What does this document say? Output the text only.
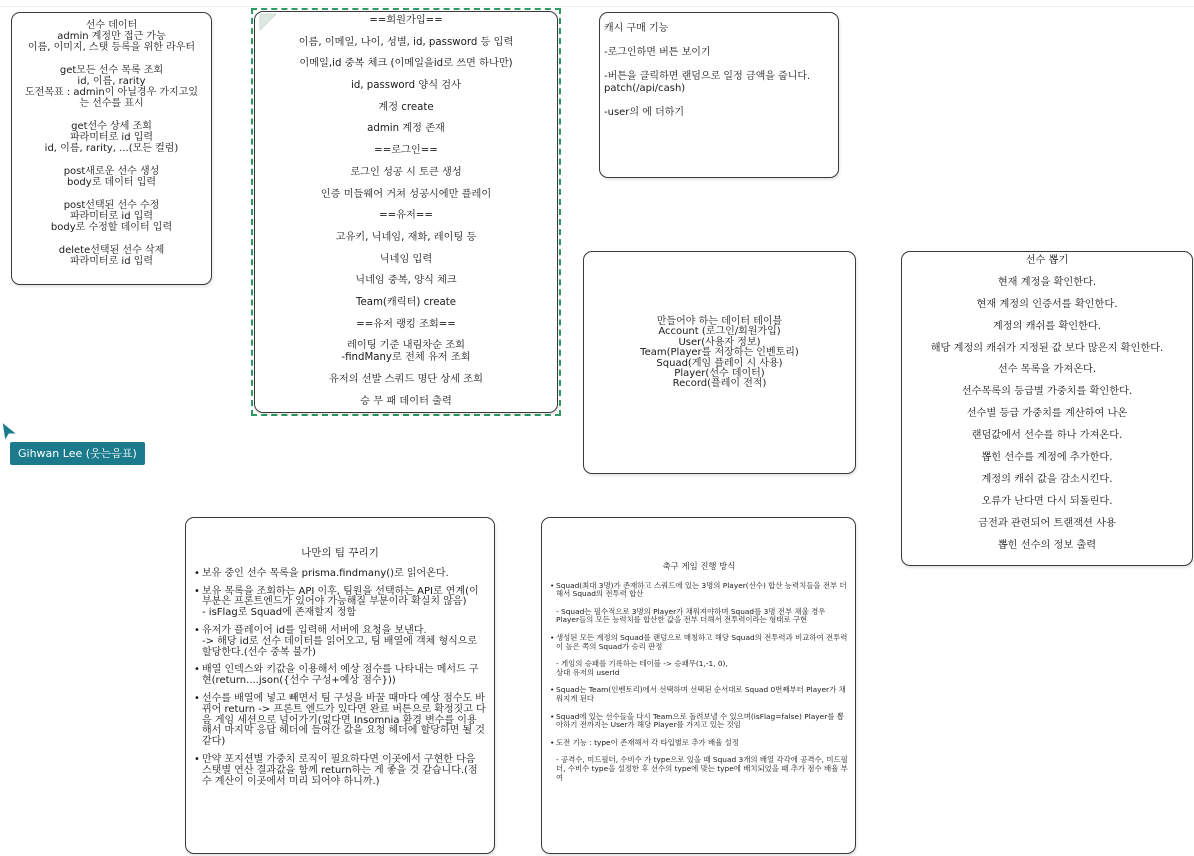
선수 데이터
admin 계정만 접근 가능
이름, 이미지, 스탯 등록을 위한 라우터
get모든 선수 목록 조회
id, 이름, rarity
도전목표 : admin이 아닐경우 가지고있
는 선수를 표시
get선수 상세 조회
파라미터로 id 입력
id, 이름, rarity, ...(모든 컬럼)
post새로운 선수 생성
body로 데이터 입력
post선택된 선수 수정
파라미터로 id 입력
body로 수정할 데이터 입력
delete선택된 선수 삭제
파라미터로 id 입력
==회원가입==
이름, 이메일, 나이, 성별, id, password 등 입력
이메일,id 중복 체크 (이메일을id로 쓰면 하나만)
id, password 양식 검사
계정 create
admin 계정 존재
==로그인==
로그인 성공 시 토큰 생성
인증 미들웨어 거쳐 성공시에만 플레이
==유저==
고유키, 닉네임, 재화, 레이팅 등
닉네임 입력
닉네임 중복, 양식 체크
Team(캐릭터) create
==유저 랭킹 조회==
레이팅 기준 내림차순 조회
-findMany로 전체 유저 조회
유저의 선발 스쿼드 명단 상세 조회
승 무 패 데이터 출력
캐시 구매 기능
-로그인하면 버튼 보이기
-버튼을 클릭하면 랜덤으로 일정 금액을 줍니다.
patch(/api/cash)
-user의 에 더하기
만들어야 하는 데이터 테이블
Account (로그인/회원가입)
User(사용자 정보)
Team(Player를 저장하는 인벤토리)
Squad(게임 플레이 시 사용)
Player(선수 데이터)
Record(플레이 전적)
선수 뽑기
현재 계정을 확인한다.
현재 계정의 인증서를 확인한다.
계정의 캐쉬를 확인한다.
해당 계정의 캐쉬가 지정된 값 보다 많은지 확인한다.
선수 목록을 가져온다.
선수목록의 등급별 가중치를 확인한다.
선수별 등급 가중치를 계산하여 나온
랜덤값에서 선수를 하나 가져온다.
뽑힌 선수를 계정에 추가한다.
계정의 캐쉬 값을 감소시킨다.
오류가 난다면 다시 되돌린다.
금전과 관련되어 트랜잭션 사용
뽑힌 선수의 정보 출력
나만의 팀 꾸리기
• 보유 중인 선수 목록을 prisma.findmany()로 읽어온다.
• 보유 목록을 조회하는 API 이후, 팀원을 선택하는 API로 연계(이 부분은 프론트엔드가 있어야 가능해질 부분이라 확실치 않음)
- isFlag로 Squad에 존재할지 정함
• 유저가 플레이어 id를 입력해 서버에 요청을 보낸다.
-> 해당 id로 선수 데이터를 읽어오고, 팀 배열에 객체 형식으로 할당한다.(선수 중복 불가)
• 배열 인덱스와 키값을 이용해서 예상 점수를 나타내는 메서드 구현(return....json({선수 구성+예상 점수}))
• 선수를 배열에 넣고 빼면서 팀 구성을 바꿀 때마다 예상 점수도 바뀌어 return -> 프론트 엔드가 있다면 완료 버튼으로 확정짓고 다음 게임 세션으로 넘어가기(없다면 Insomnia 환경 변수를 이용해서 마지막 응답 헤더에 들어간 값을 요청 헤더에 할당하면 될 것 같다)
• 만약 포지션별 가중치 로직이 필요하다면 이곳에서 구현한 다음 스탯별 연산 결과값을 함께 return하는 게 좋을 것 같습니다.(점수 계산이 이곳에서 미리 되어야 하니까.)
축구 게임 진행 방식
• Squad(최대 3명)가 존재하고 스쿼드에 있는 3명의 Player(선수) 합산 능력치들을 전부 더해서 Squad의 전투력 합산
- Squad는 필수적으로 3명의 Player가 채워져야하며 Squad를 3명 전부 채울 경우 Player들의 모든 능력치를 합산한 값을 전부 더해서 전투력이라는 형태로 구현
• 생성된 모든 계정의 Squad를 랜덤으로 매칭하고 해당 Squad의 전투력과 비교하여 전투력이 높은 쪽의 Squad가 승리 판정
- 게임의 승패를 기록하는 테이블 -> 승패무(1,-1, 0),
상대 유저의 userId
• Squad는 Team(인벤토리)에서 선택하며 선택된 순서대로 Squad 0번째부터 Player가 채워지게 된다
• Squad에 있는 선수들을 다시 Team으로 돌려보낼 수 있으며(isFlag=false) Player를 뽑아하기 전까지는 User가 해당 Player를 가지고 있는 것임
• 도전 기능 : type이 존재해서 각 타입별로 추가 배율 설정
- 공격수, 미드필더, 수비수 가 type으로 있을 때 Squad 3개의 배열 각각에 공격수, 미드필더, 수비수 type을 설정한 후 선수의 type에 맞는 type에 배치되었을 때 추가 점수 배율 부여
Gihwan Lee (웃는음표)
